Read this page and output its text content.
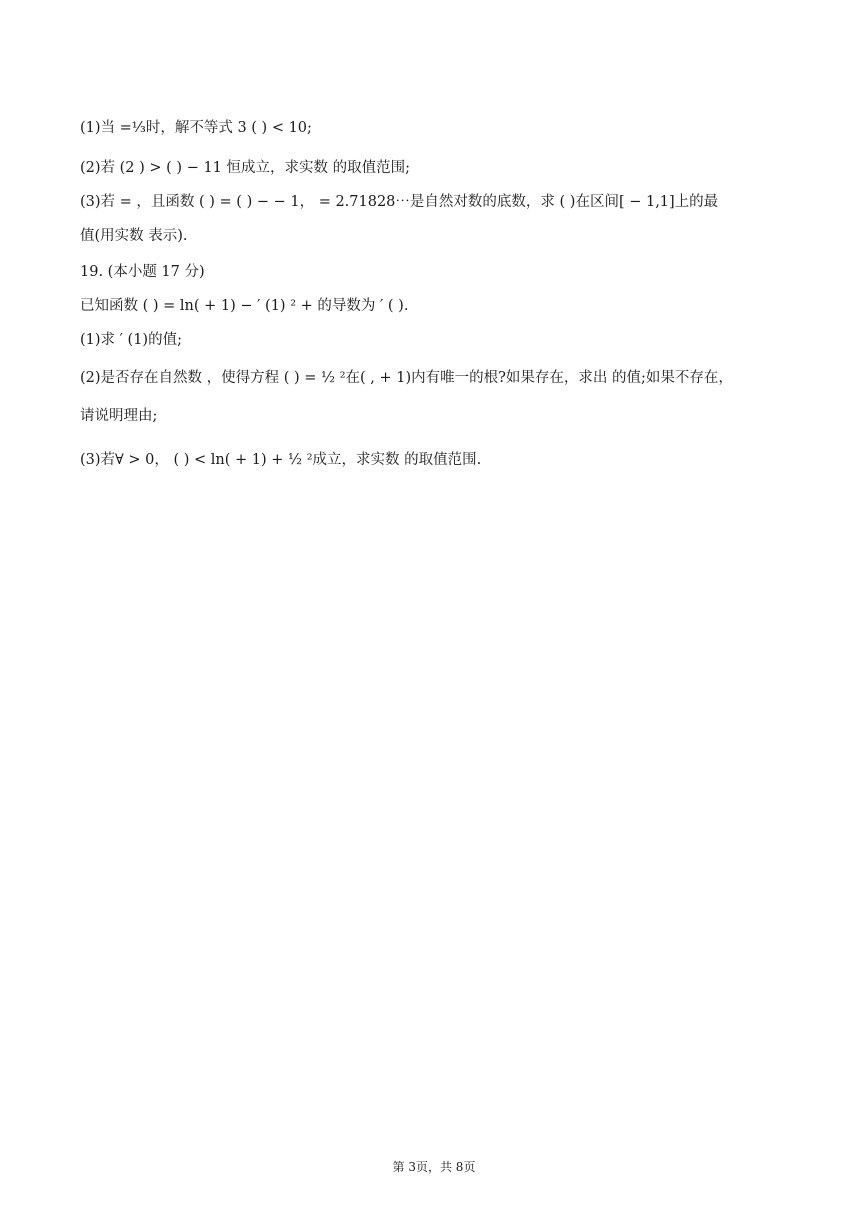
(1)当 =¹⁄₃时，解不等式 3 ( ) < 10;
(2)若 (2 ) > ( ) − 11 恒成立，求实数 的取值范围;
(3)若 = ，且函数 ( ) = ( ) − − 1， = 2.71828⋯是自然对数的底数，求 ( )在区间[ − 1,1]上的最
值(用实数 表示).
19. (本小题 17 分)
已知函数 ( ) = ln( + 1) − ′ (1) ² + 的导数为 ′ ( ).
(1)求 ′ (1)的值;
(2)是否存在自然数 ，使得方程 ( ) = ½ ²在( , + 1)内有唯一的根?如果存在，求出 的值;如果不存在，
请说明理由;
(3)若∀ > 0， ( ) < ln( + 1) + ½ ²成立，求实数 的取值范围.
第 3页，共 8页
